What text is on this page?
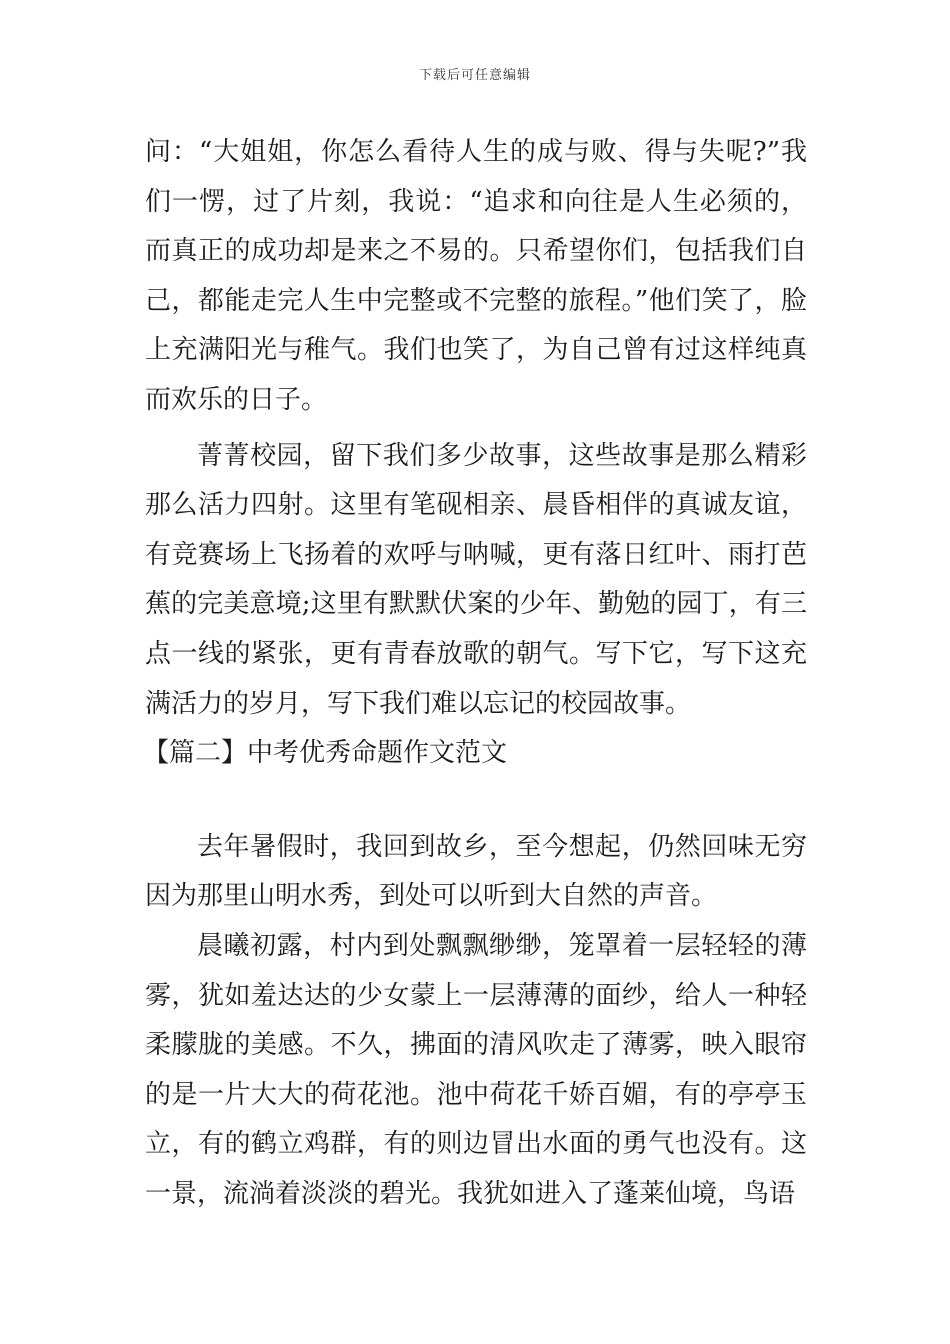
下载后可任意编辑

问：“大姐姐，你怎么看待人生的成与败、得与失呢?”我们一愣，过了片刻，我说：“追求和向往是人生必须的，而真正的成功却是来之不易的。只希望你们，包括我们自己，都能走完人生中完整或不完整的旅程。”他们笑了，脸上充满阳光与稚气。我们也笑了，为自己曾有过这样纯真而欢乐的日子。

菁菁校园，留下我们多少故事，这些故事是那么精彩那么活力四射。这里有笔砚相亲、晨昏相伴的真诚友谊，有竞赛场上飞扬着的欢呼与呐喊，更有落日红叶、雨打芭蕉的完美意境;这里有默默伏案的少年、勤勉的园丁，有三点一线的紧张，更有青春放歌的朝气。写下它，写下这充满活力的岁月，写下我们难以忘记的校园故事。

【篇二】中考优秀命题作文范文

去年暑假时，我回到故乡，至今想起，仍然回味无穷因为那里山明水秀，到处可以听到大自然的声音。

晨曦初露，村内到处飘飘缈缈，笼罩着一层轻轻的薄雾，犹如羞达达的少女蒙上一层薄薄的面纱，给人一种轻柔朦胧的美感。不久，拂面的清风吹走了薄雾，映入眼帘的是一片大大的荷花池。池中荷花千娇百媚，有的亭亭玉立，有的鹤立鸡群，有的则边冒出水面的勇气也没有。这一景，流淌着淡淡的碧光。我犹如进入了蓬莱仙境，鸟语
